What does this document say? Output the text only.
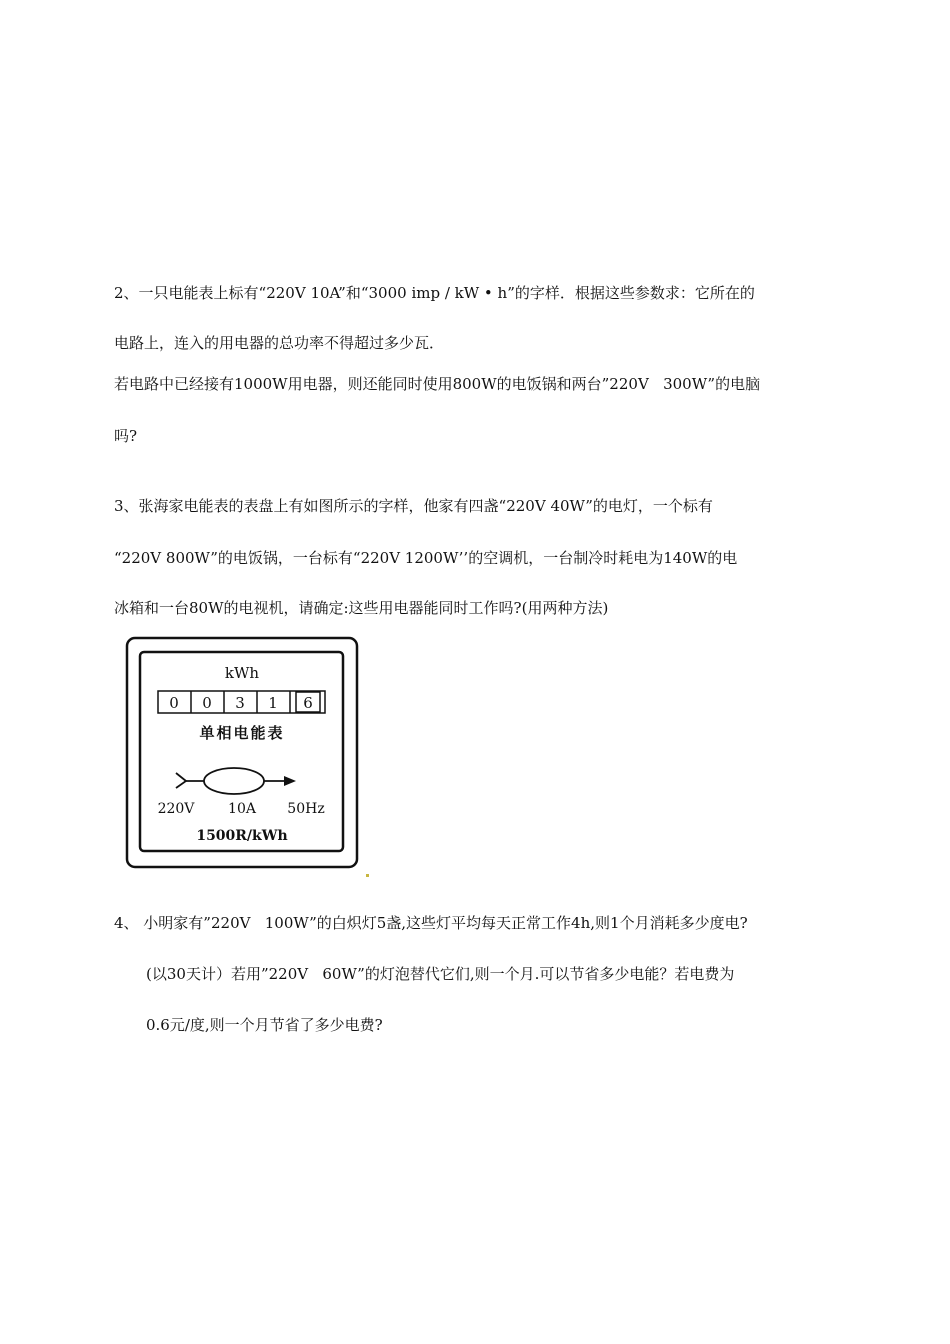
2、一只电能表上标有“220V 10A”和“3000 imp / kW • h”的字样．根据这些参数求：它所在的
电路上，连入的用电器的总功率不得超过多少瓦．
若电路中已经接有1000W用电器，则还能同时使用800W的电饭锅和两台”220V   300W”的电脑
吗?
3、张海家电能表的表盘上有如图所示的字样，他家有四盏“220V 40W”的电灯，一个标有
“220V 800W”的电饭锅，一台标有“220V 1200W’’的空调机，一台制冷时耗电为140W的电
冰箱和一台80W的电视机，请确定:这些用电器能同时工作吗?(用两种方法)
kWh
0 0 3 1 6
单相电能表
220V 10A 50Hz
1500R/kWh
4、 小明家有”220V   100W”的白炽灯5盏,这些灯平均每天正常工作4h,则1个月消耗多少度电?
(以30天计）若用”220V   60W”的灯泡替代它们,则一个月.可以节省多少电能？若电费为
0.6元/度,则一个月节省了多少电费?
